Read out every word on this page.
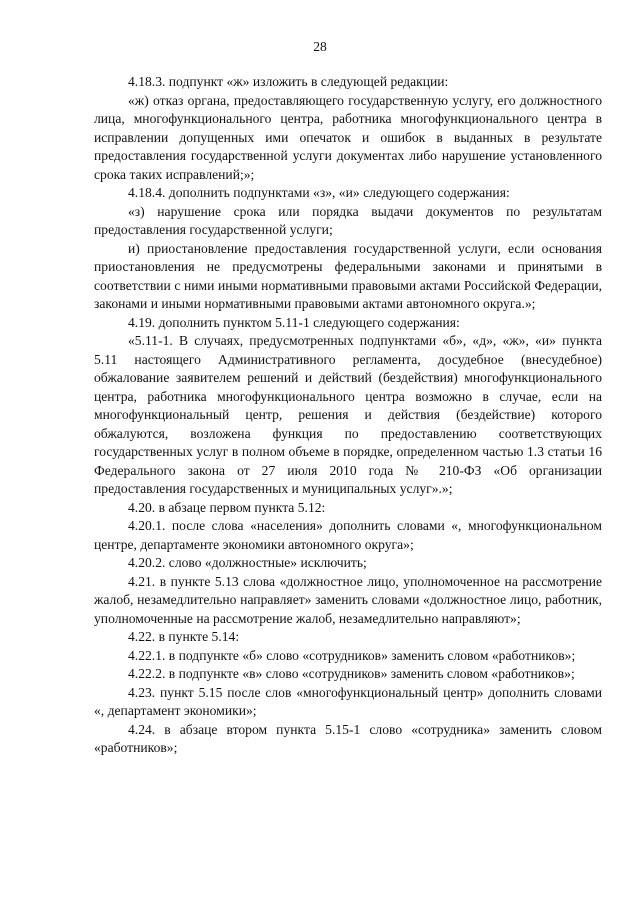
28

4.18.3. подпункт «ж» изложить в следующей редакции:

«ж) отказ органа, предоставляющего государственную услугу, его должностного лица, многофункционального центра, работника многофункционального центра в исправлении допущенных ими опечаток и ошибок в выданных в результате предоставления государственной услуги документах либо нарушение установленного срока таких исправлений;»;

4.18.4. дополнить подпунктами «з», «и» следующего содержания:

«з) нарушение срока или порядка выдачи документов по результатам предоставления государственной услуги;

и) приостановление предоставления государственной услуги, если основания приостановления не предусмотрены федеральными законами и принятыми в соответствии с ними иными нормативными правовыми актами Российской Федерации, законами и иными нормативными правовыми актами автономного округа.»;

4.19. дополнить пунктом 5.11-1 следующего содержания:

«5.11-1. В случаях, предусмотренных подпунктами «б», «д», «ж», «и» пункта 5.11 настоящего Административного регламента, досудебное (внесудебное) обжалование заявителем решений и действий (бездействия) многофункционального центра, работника многофункционального центра возможно в случае, если на многофункциональный центр, решения и действия (бездействие) которого обжалуются, возложена функция по предоставлению соответствующих государственных услуг в полном объеме в порядке, определенном частью 1.3 статьи 16 Федерального закона от 27 июля 2010 года № 210-ФЗ «Об организации предоставления государственных и муниципальных услуг».»;

4.20. в абзаце первом пункта 5.12:

4.20.1. после слова «населения» дополнить словами «, многофункциональном центре, департаменте экономики автономного округа»;

4.20.2. слово «должностные» исключить;

4.21. в пункте 5.13 слова «должностное лицо, уполномоченное на рассмотрение жалоб, незамедлительно направляет» заменить словами «должностное лицо, работник, уполномоченные на рассмотрение жалоб, незамедлительно направляют»;

4.22. в пункте 5.14:

4.22.1. в подпункте «б» слово «сотрудников» заменить словом «работников»;

4.22.2. в подпункте «в» слово «сотрудников» заменить словом «работников»;

4.23. пункт 5.15 после слов «многофункциональный центр» дополнить словами «, департамент экономики»;

4.24. в абзаце втором пункта 5.15-1 слово «сотрудника» заменить словом «работников»;
